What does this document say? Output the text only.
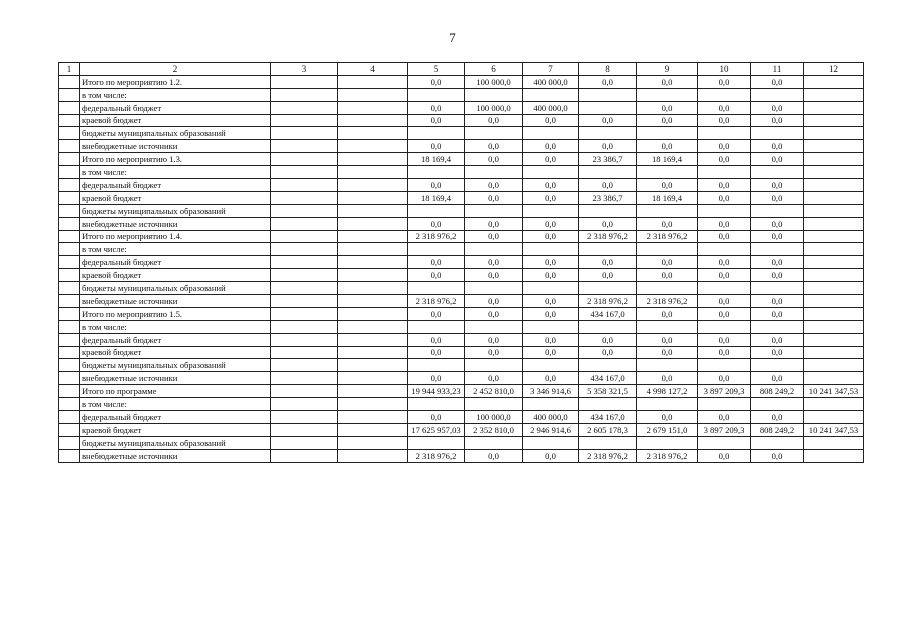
7
1	2	3	4	5	6	7	8	9	10	11	12
	Итого по мероприятию 1.2.			0,0	100 000,0	400 000,0	0,0	0,0	0,0	0,0	
	в том числе:										
	федеральный бюджет			0,0	100 000,0	400 000,0		0,0	0,0	0,0	
	краевой бюджет			0,0	0,0	0,0	0,0	0,0	0,0	0,0	
	бюджеты муниципальных образований										
	внебюджетные источники			0,0	0,0	0,0	0,0	0,0	0,0	0,0	
	Итого по мероприятию 1.3.			18 169,4	0,0	0,0	23 386,7	18 169,4	0,0	0,0	
	в том числе:										
	федеральный бюджет			0,0	0,0	0,0	0,0	0,0	0,0	0,0	
	краевой бюджет			18 169,4	0,0	0,0	23 386,7	18 169,4	0,0	0,0	
	бюджеты муниципальных образований										
	внебюджетные источники			0,0	0,0	0,0	0,0	0,0	0,0	0,0	
	Итого по мероприятию 1.4.			2 318 976,2	0,0	0,0	2 318 976,2	2 318 976,2	0,0	0,0	
	в том числе:										
	федеральный бюджет			0,0	0,0	0,0	0,0	0,0	0,0	0,0	
	краевой бюджет			0,0	0,0	0,0	0,0	0,0	0,0	0,0	
	бюджеты муниципальных образований										
	внебюджетные источники			2 318 976,2	0,0	0,0	2 318 976,2	2 318 976,2	0,0	0,0	
	Итого по мероприятию 1.5.			0,0	0,0	0,0	434 167,0	0,0	0,0	0,0	
	в том числе:										
	федеральный бюджет			0,0	0,0	0,0	0,0	0,0	0,0	0,0	
	краевой бюджет			0,0	0,0	0,0	0,0	0,0	0,0	0,0	
	бюджеты муниципальных образований										
	внебюджетные источники			0,0	0,0	0,0	434 167,0	0,0	0,0	0,0	
	Итого по программе			19 944 933,23	2 452 810,0	3 346 914,6	5 358 321,5	4 998 127,2	3 897 209,3	808 249,2	10 241 347,53
	в том числе:										
	федеральный бюджет			0,0	100 000,0	400 000,0	434 167,0	0,0	0,0	0,0	
	краевой бюджет			17 625 957,03	2 352 810,0	2 946 914,6	2 605 178,3	2 679 151,0	3 897 209,3	808 249,2	10 241 347,53
	бюджеты муниципальных образований										
	внебюджетные источники			2 318 976,2	0,0	0,0	2 318 976,2	2 318 976,2	0,0	0,0	
